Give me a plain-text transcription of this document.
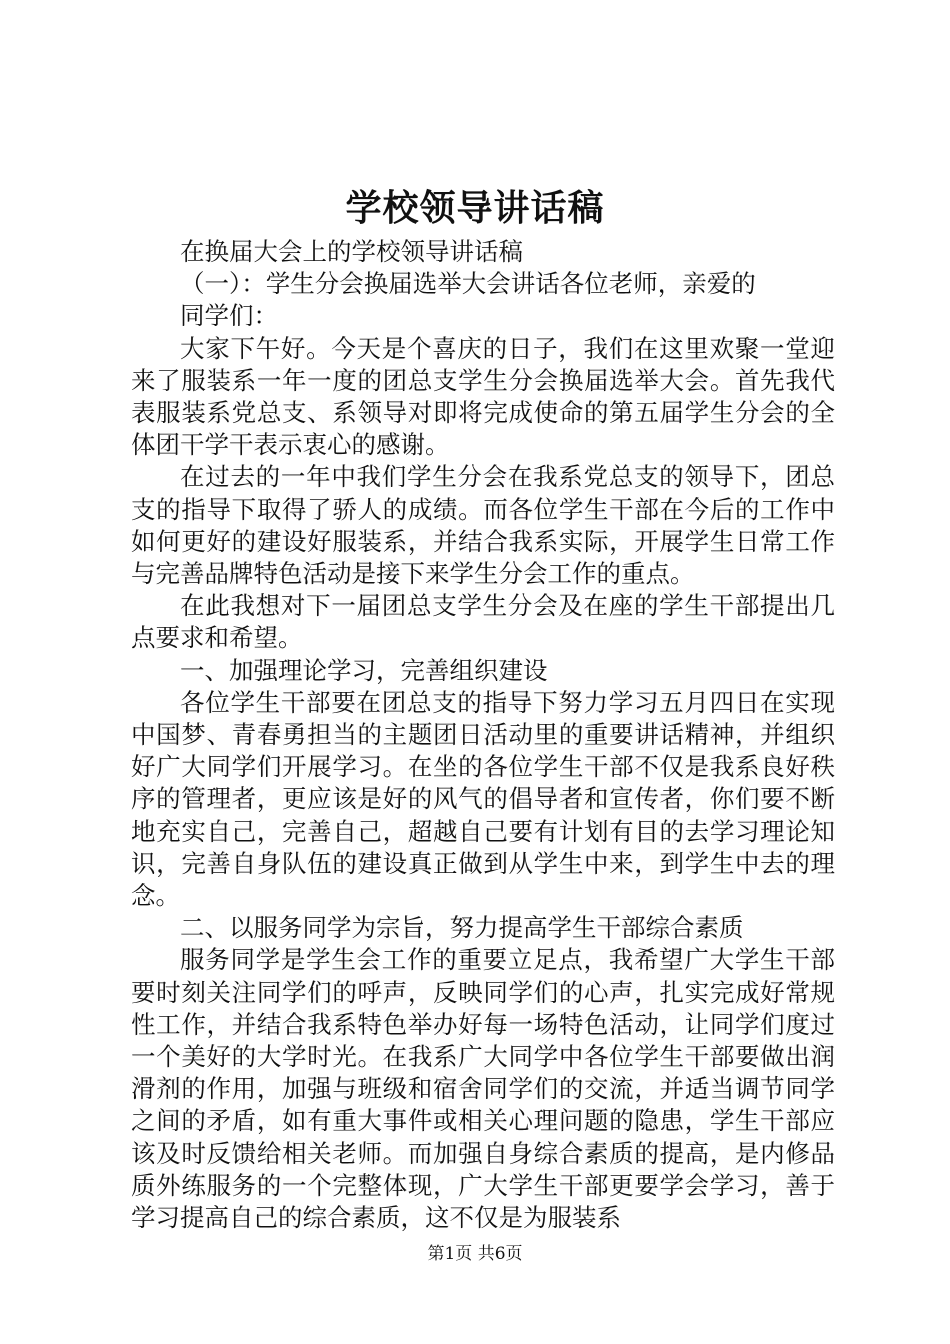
学校领导讲话稿

在换届大会上的学校领导讲话稿

（一）：学生分会换届选举大会讲话各位老师，亲爱的

同学们：

大家下午好。今天是个喜庆的日子，我们在这里欢聚一堂迎来了服装系一年一度的团总支学生分会换届选举大会。首先我代表服装系党总支、系领导对即将完成使命的第五届学生分会的全体团干学干表示衷心的感谢。

在过去的一年中我们学生分会在我系党总支的领导下，团总支的指导下取得了骄人的成绩。而各位学生干部在今后的工作中如何更好的建设好服装系，并结合我系实际，开展学生日常工作与完善品牌特色活动是接下来学生分会工作的重点。

在此我想对下一届团总支学生分会及在座的学生干部提出几点要求和希望。

一、加强理论学习，完善组织建设

各位学生干部要在团总支的指导下努力学习五月四日在实现中国梦、青春勇担当的主题团日活动里的重要讲话精神，并组织好广大同学们开展学习。在坐的各位学生干部不仅是我系良好秩序的管理者，更应该是好的风气的倡导者和宣传者，你们要不断地充实自己，完善自己，超越自己要有计划有目的去学习理论知识，完善自身队伍的建设真正做到从学生中来，到学生中去的理念。

二、以服务同学为宗旨，努力提高学生干部综合素质

服务同学是学生会工作的重要立足点，我希望广大学生干部要时刻关注同学们的呼声，反映同学们的心声，扎实完成好常规性工作，并结合我系特色举办好每一场特色活动，让同学们度过一个美好的大学时光。在我系广大同学中各位学生干部要做出润滑剂的作用，加强与班级和宿舍同学们的交流，并适当调节同学之间的矛盾，如有重大事件或相关心理问题的隐患，学生干部应该及时反馈给相关老师。而加强自身综合素质的提高，是内修品质外练服务的一个完整体现，广大学生干部更要学会学习，善于学习提高自己的综合素质，这不仅是为服装系

第1页 共6页
